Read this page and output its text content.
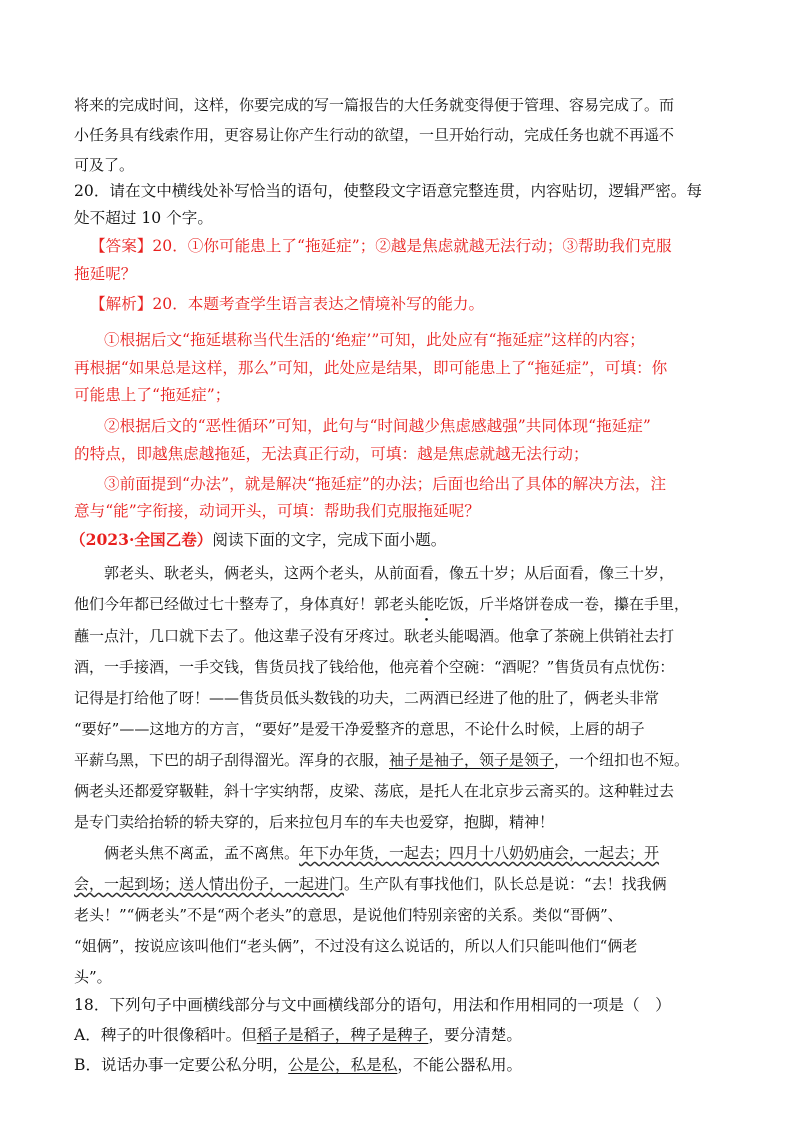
将来的完成时间，这样，你要完成的写一篇报告的大任务就变得便于管理、容易完成了。而
小任务具有线索作用，更容易让你产生行动的欲望，一旦开始行动，完成任务也就不再遥不
可及了。
20．请在文中横线处补写恰当的语句，使整段文字语意完整连贯，内容贴切，逻辑严密。每
处不超过 10 个字。
【答案】20．①你可能患上了“拖延症”；②越是焦虑就越无法行动；③帮助我们克服
拖延呢？
【解析】20．本题考查学生语言表达之情境补写的能力。
①根据后文“拖延堪称当代生活的‘绝症’”可知，此处应有“拖延症”这样的内容；
再根据“如果总是这样，那么”可知，此处应是结果，即可能患上了“拖延症”，可填：你
可能患上了“拖延症”；
②根据后文的“恶性循环”可知，此句与“时间越少焦虑感越强”共同体现“拖延症”
的特点，即越焦虑越拖延，无法真正行动，可填：越是焦虑就越无法行动；
③前面提到“办法”，就是解决“拖延症”的办法；后面也给出了具体的解决方法，注
意与“能”字衔接，动词开头，可填：帮助我们克服拖延呢？
（2023·全国乙卷）阅读下面的文字，完成下面小题。
郭老头、耿老头，俩老头，这两个老头，从前面看，像五十岁；从后面看，像三十岁，
他们今年都已经做过七十整寿了，身体真好！郭老头能吃饭，斤半烙饼卷成一卷，攥在手里，
蘸一点汁，几口就下去了。他这辈子没有牙疼过。耿老头能喝酒。他拿了茶碗上供销社去打
酒，一手接酒，一手交钱，售货员找了钱给他，他亮着个空碗：“酒呢？”售货员有点忧伤：
记得是打给他了呀！——售货员低头数钱的功夫，二两酒已经进了他的肚了，俩老头非常
“要好”——这地方的方言，“要好”是爱干净爱整齐的意思，不论什么时候，上唇的胡子
平薪乌黑，下巴的胡子刮得溜光。浑身的衣服，袖子是袖子，领子是领子，一个纽扣也不短。
俩老头还都爱穿靸鞋，斜十字实纳帮，皮梁、荡底，是托人在北京步云斋买的。这种鞋过去
是专门卖给抬轿的轿夫穿的，后来拉包月车的车夫也爱穿，抱脚，精神！
俩老头焦不离孟，孟不离焦。年下办年货，一起去；四月十八奶奶庙会，一起去；开
会，一起到场；送人情出份子，一起进门。生产队有事找他们，队长总是说：“去！找我俩
老头！”“俩老头”不是“两个老头”的意思，是说他们特别亲密的关系。类似“哥俩”、
“姐俩”，按说应该叫他们“老头俩”，不过没有这么说话的，所以人们只能叫他们“俩老
头”。
18．下列句子中画横线部分与文中画横线部分的语句，用法和作用相同的一项是（　）
A．稗子的叶很像稻叶。但稻子是稻子，稗子是稗子，要分清楚。
B．说话办事一定要公私分明，公是公，私是私，不能公器私用。
